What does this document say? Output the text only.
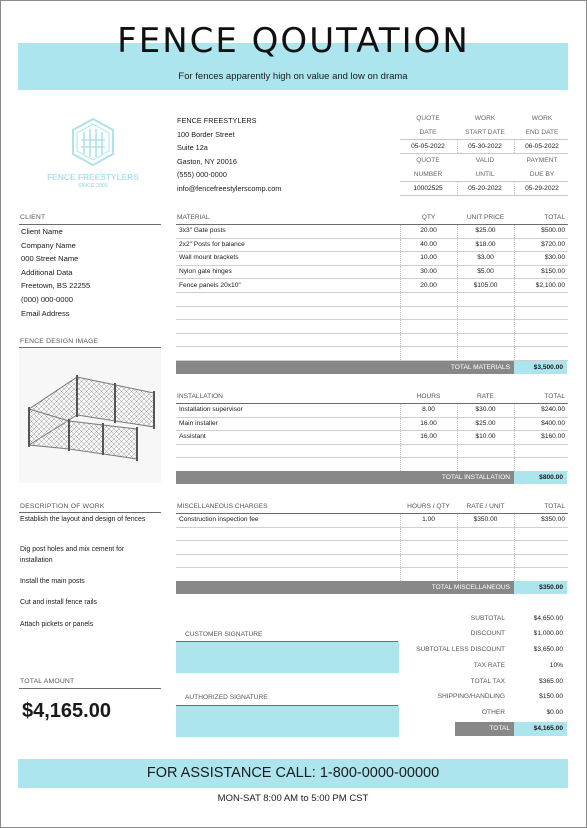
FENCE QOUTATION
For fences apparently high on value and low on drama
FENCE FREESTYLERS
SINCE 2005
FENCE FREESTYLERS
100 Border Street
Suite 12a
Gaston, NY 20016
(555) 000-0000
info@fencefreestylerscomp.com
QUOTE	WORK	WORK
DATE	START DATE	END DATE
05-05-2022	05-30-2022	06-05-2022
QUOTE	VALID	PAYMENT
NUMBER	UNTIL	DUE BY
10002525	05-20-2022	05-29-2022
CLIENT
Client Name
Company Name
000 Street Name
Additional Data
Freetown, BS 22255
(000) 000-0000
Email Address
FENCE DESIGN IMAGE
DESCRIPTION OF WORK
Establish the layout and design of fences
Dig post holes and mix cement for installation
Install the main posts
Cut and install fence rails
Attach pickets or panels
TOTAL AMOUNT
$4,165.00
MATERIAL	QTY	UNIT PRICE	TOTAL
3x3" Gate posts	20.00	$25.00	$500.00
2x2" Posts for balance	40.00	$18.00	$720.00
Wall mount brackets	10.00	$3.00	$30.00
Nylon gate hinges	30.00	$5.00	$150.00
Fence panels 20x10"	20.00	$105.00	$2,100.00

TOTAL MATERIALS	$3,500.00
INSTALLATION	HOURS	RATE	TOTAL
Installation supervisor	8.00	$30.00	$240.00
Main installer	16.00	$25.00	$400.00
Assistant	16.00	$10.00	$160.00

TOTAL INSTALLATION	$800.00
MISCELLANEOUS CHARGES	HOURS / QTY	RATE / UNIT	TOTAL
Construction inspection fee	1.00	$350.00	$350.00

TOTAL MISCELLANEOUS	$350.00
CUSTOMER SIGNATURE
AUTHORIZED SIGNATURE
SUBTOTAL	$4,650.00
DISCOUNT	$1,000.00
SUBTOTAL LESS DISCOUNT	$3,650.00
TAX RATE	10%
TOTAL TAX	$365.00
SHIPPING/HANDLING	$150.00
OTHER	$0.00
TOTAL	$4,165.00
FOR ASSISTANCE CALL: 1-800-0000-00000
MON-SAT 8:00 AM to 5:00 PM CST
